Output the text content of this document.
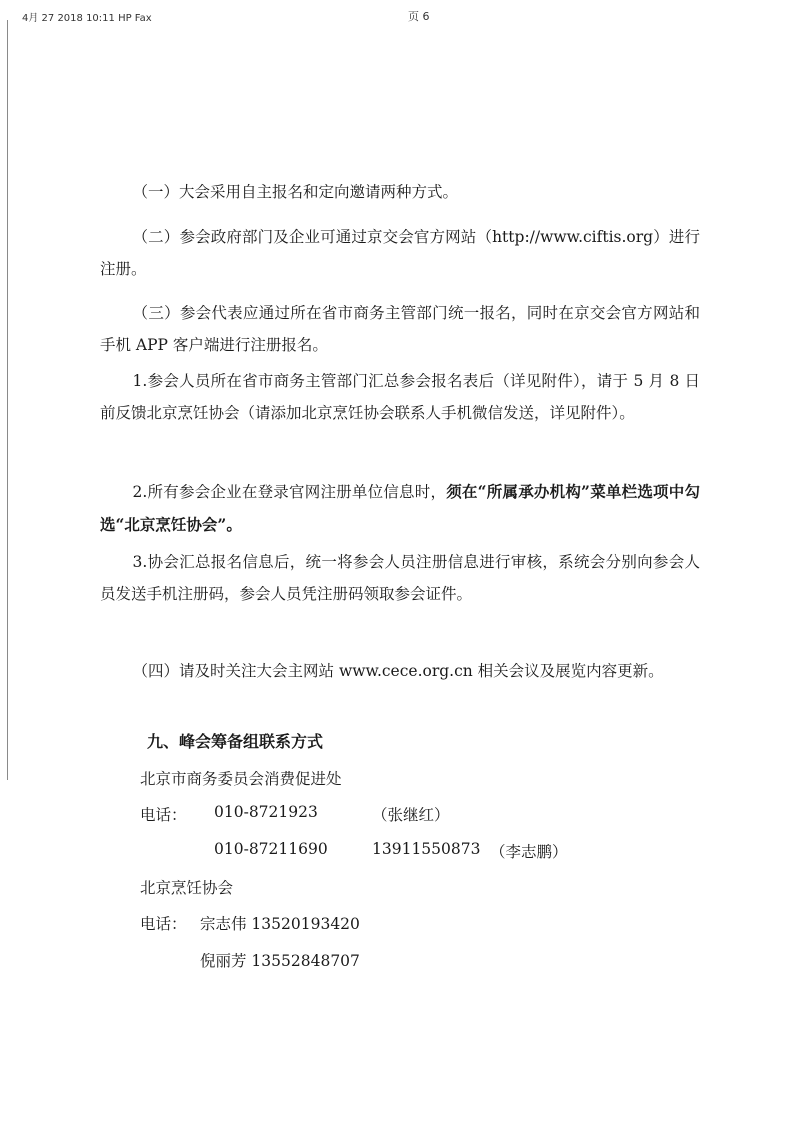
4月 27 2018 10:11 HP Fax	页 6

（一）大会采用自主报名和定向邀请两种方式。

（二）参会政府部门及企业可通过京交会官方网站（http://www.ciftis.org）进行注册。

（三）参会代表应通过所在省市商务主管部门统一报名，同时在京交会官方网站和手机 APP 客户端进行注册报名。

1.参会人员所在省市商务主管部门汇总参会报名表后（详见附件），请于 5 月 8 日前反馈北京烹饪协会（请添加北京烹饪协会联系人手机微信发送，详见附件）。

2.所有参会企业在登录官网注册单位信息时，须在“所属承办机构”菜单栏选项中勾选“北京烹饪协会”。

3.协会汇总报名信息后，统一将参会人员注册信息进行审核，系统会分别向参会人员发送手机注册码，参会人员凭注册码领取参会证件。

（四）请及时关注大会主网站 www.cece.org.cn 相关会议及展览内容更新。

九、峰会筹备组联系方式

北京市商务委员会消费促进处

电话： 010-8721923	（张继红）

010-87211690	13911550873 （李志鹏）

北京烹饪协会

电话： 宗志伟 13520193420

倪丽芳 13552848707
